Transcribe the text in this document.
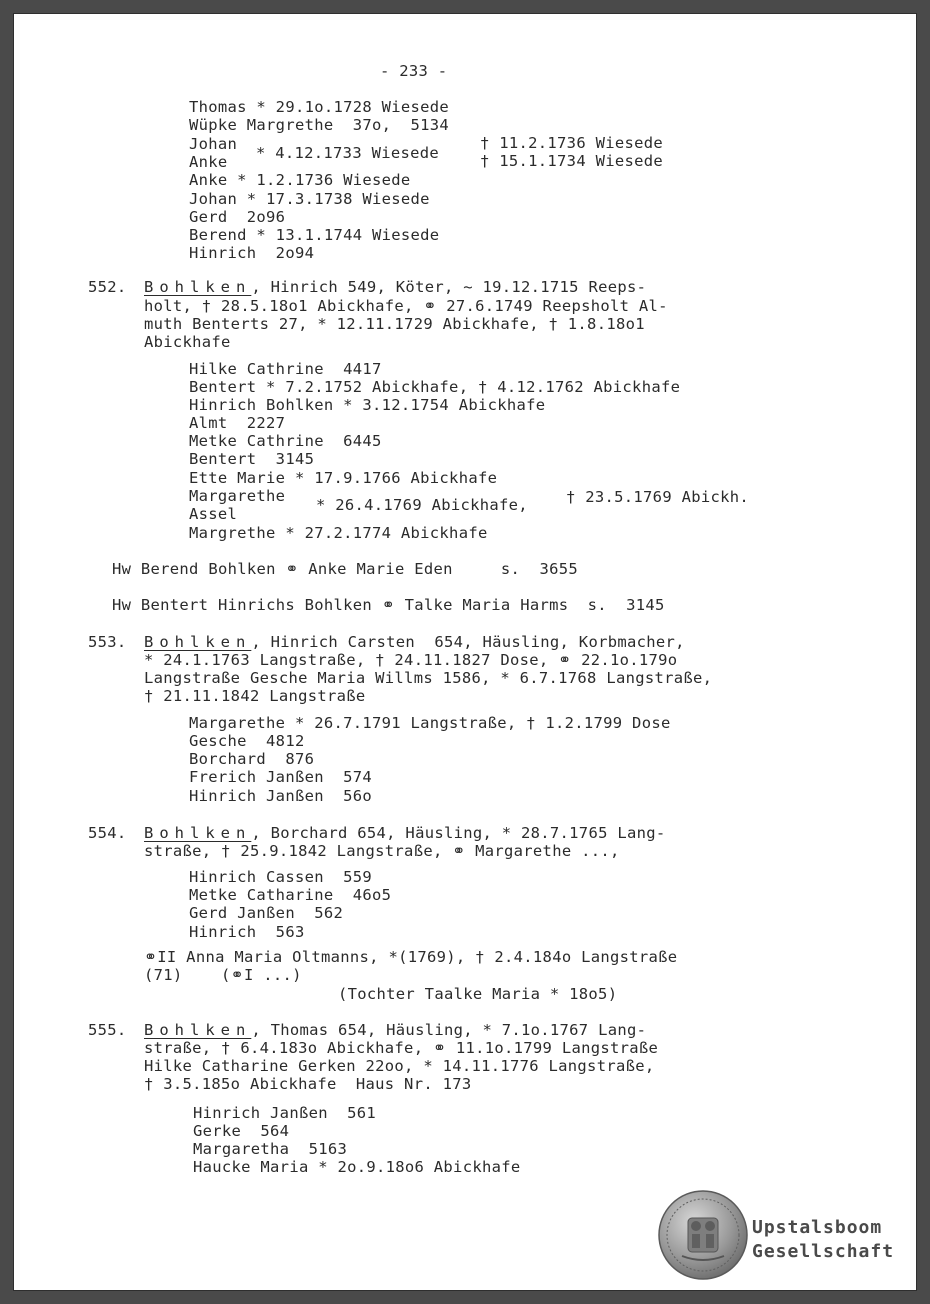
- 233 -

Thomas * 29.1o.1728 Wiesede

Wüpke Margrethe  37o,  5134

Johan

Anke * 4.12.1733 Wiesede

† 11.2.1736 Wiesede

† 15.1.1734 Wiesede

Anke * 1.2.1736 Wiesede

Johan * 17.3.1738 Wiesede

Gerd  2o96

Berend * 13.1.1744 Wiesede

Hinrich  2o94

552. Bohlken, Hinrich 549, Köter, ~ 19.12.1715 Reeps-

holt, † 28.5.18o1 Abickhafe, ⚭ 27.6.1749 Reepsholt Al-

muth Benterts 27, * 12.11.1729 Abickhafe, † 1.8.18o1

Abickhafe

Hilke Cathrine  4417

Bentert * 7.2.1752 Abickhafe, † 4.12.1762 Abickhafe

Hinrich Bohlken * 3.12.1754 Abickhafe

Almt  2227

Metke Cathrine  6445

Bentert  3145

Ette Marie * 17.9.1766 Abickhafe

Margarethe

Assel	* 26.4.1769 Abickhafe, † 23.5.1769 Abickh.

Margrethe * 27.2.1774 Abickhafe

Hw Berend Bohlken ⚭ Anke Marie Eden     s.  3655

Hw Bentert Hinrichs Bohlken ⚭ Talke Maria Harms  s.  3145

553. Bohlken, Hinrich Carsten  654, Häusling, Korbmacher,

* 24.1.1763 Langstraße, † 24.11.1827 Dose, ⚭ 22.1o.179o

Langstraße Gesche Maria Willms 1586, * 6.7.1768 Langstraße,

† 21.11.1842 Langstraße

Margarethe * 26.7.1791 Langstraße, † 1.2.1799 Dose

Gesche  4812

Borchard  876

Frerich Janßen  574

Hinrich Janßen  56o

554. Bohlken, Borchard 654, Häusling, * 28.7.1765 Lang-

straße, † 25.9.1842 Langstraße, ⚭ Margarethe ...,

Hinrich Cassen  559

Metke Catharine  46o5

Gerd Janßen  562

Hinrich  563

⚭II Anna Maria Oltmanns, *(1769), † 2.4.184o Langstraße

(71)    (⚭I ...)

(Tochter Taalke Maria * 18o5)

555. Bohlken, Thomas 654, Häusling, * 7.1o.1767 Lang-

straße, † 6.4.183o Abickhafe, ⚭ 11.1o.1799 Langstraße

Hilke Catharine Gerken 22oo, * 14.11.1776 Langstraße,

† 3.5.185o Abickhafe  Haus Nr. 173

Hinrich Janßen  561

Gerke  564

Margaretha  5163

Haucke Maria * 2o.9.18o6 Abickhafe

Upstalsboom
Gesellschaft
